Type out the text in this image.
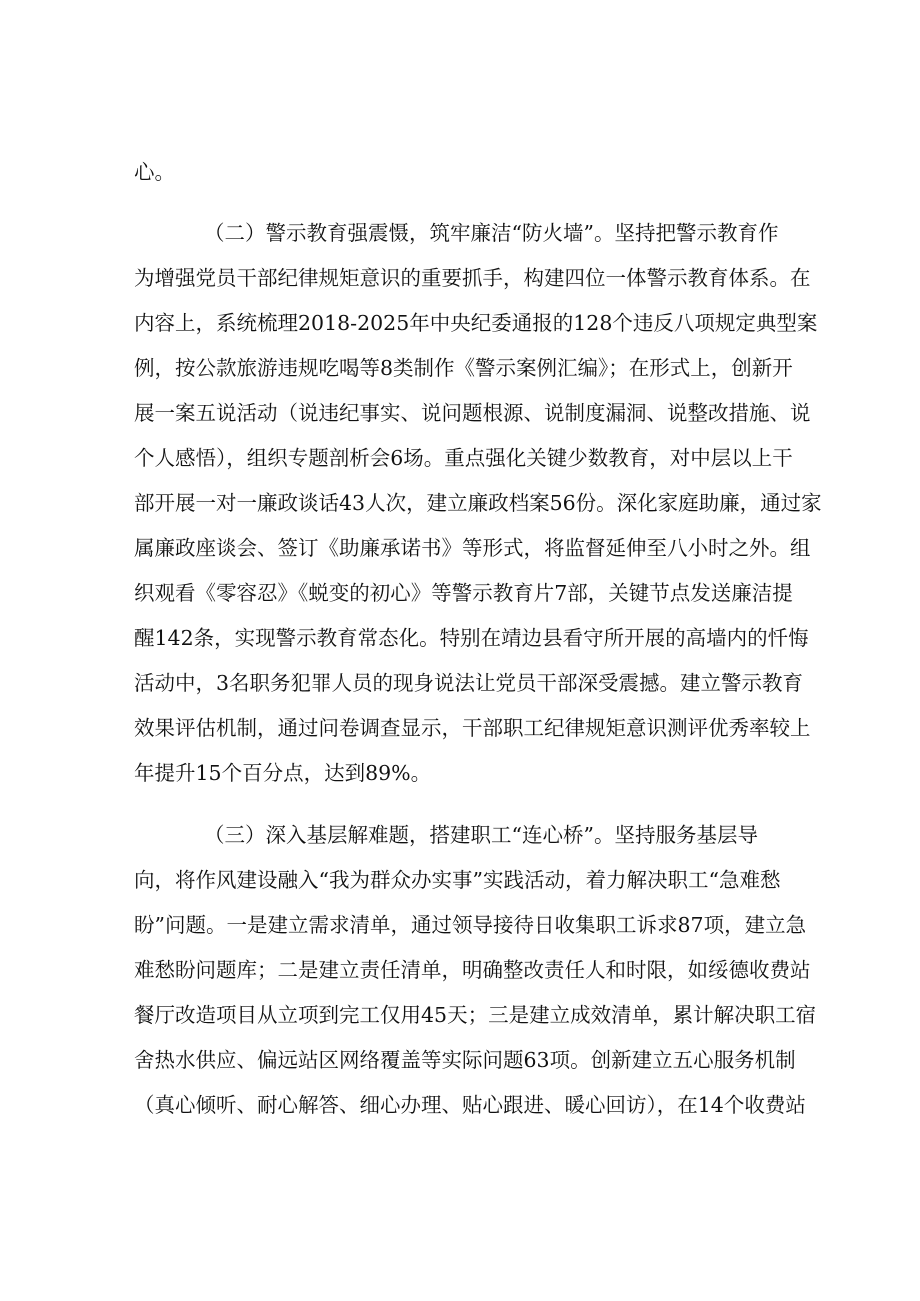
心。

（二）警示教育强震慑，筑牢廉洁“防火墙”。坚持把警示教育作

为增强党员干部纪律规矩意识的重要抓手，构建四位一体警示教育体系。在

内容上，系统梳理2018-2025年中央纪委通报的128个违反八项规定典型案

例，按公款旅游违规吃喝等8类制作《警示案例汇编》；在形式上，创新开

展一案五说活动（说违纪事实、说问题根源、说制度漏洞、说整改措施、说

个人感悟），组织专题剖析会6场。重点强化关键少数教育，对中层以上干

部开展一对一廉政谈话43人次，建立廉政档案56份。深化家庭助廉，通过家

属廉政座谈会、签订《助廉承诺书》等形式，将监督延伸至八小时之外。组

织观看《零容忍》《蜕变的初心》等警示教育片7部，关键节点发送廉洁提

醒142条，实现警示教育常态化。特别在靖边县看守所开展的高墙内的忏悔

活动中，3名职务犯罪人员的现身说法让党员干部深受震撼。建立警示教育

效果评估机制，通过问卷调查显示，干部职工纪律规矩意识测评优秀率较上

年提升15个百分点，达到89%。

（三）深入基层解难题，搭建职工“连心桥”。坚持服务基层导

向，将作风建设融入“我为群众办实事”实践活动，着力解决职工“急难愁

盼”问题。一是建立需求清单，通过领导接待日收集职工诉求87项，建立急

难愁盼问题库；二是建立责任清单，明确整改责任人和时限，如绥德收费站

餐厅改造项目从立项到完工仅用45天；三是建立成效清单，累计解决职工宿

舍热水供应、偏远站区网络覆盖等实际问题63项。创新建立五心服务机制

（真心倾听、耐心解答、细心办理、贴心跟进、暖心回访），在14个收费站
